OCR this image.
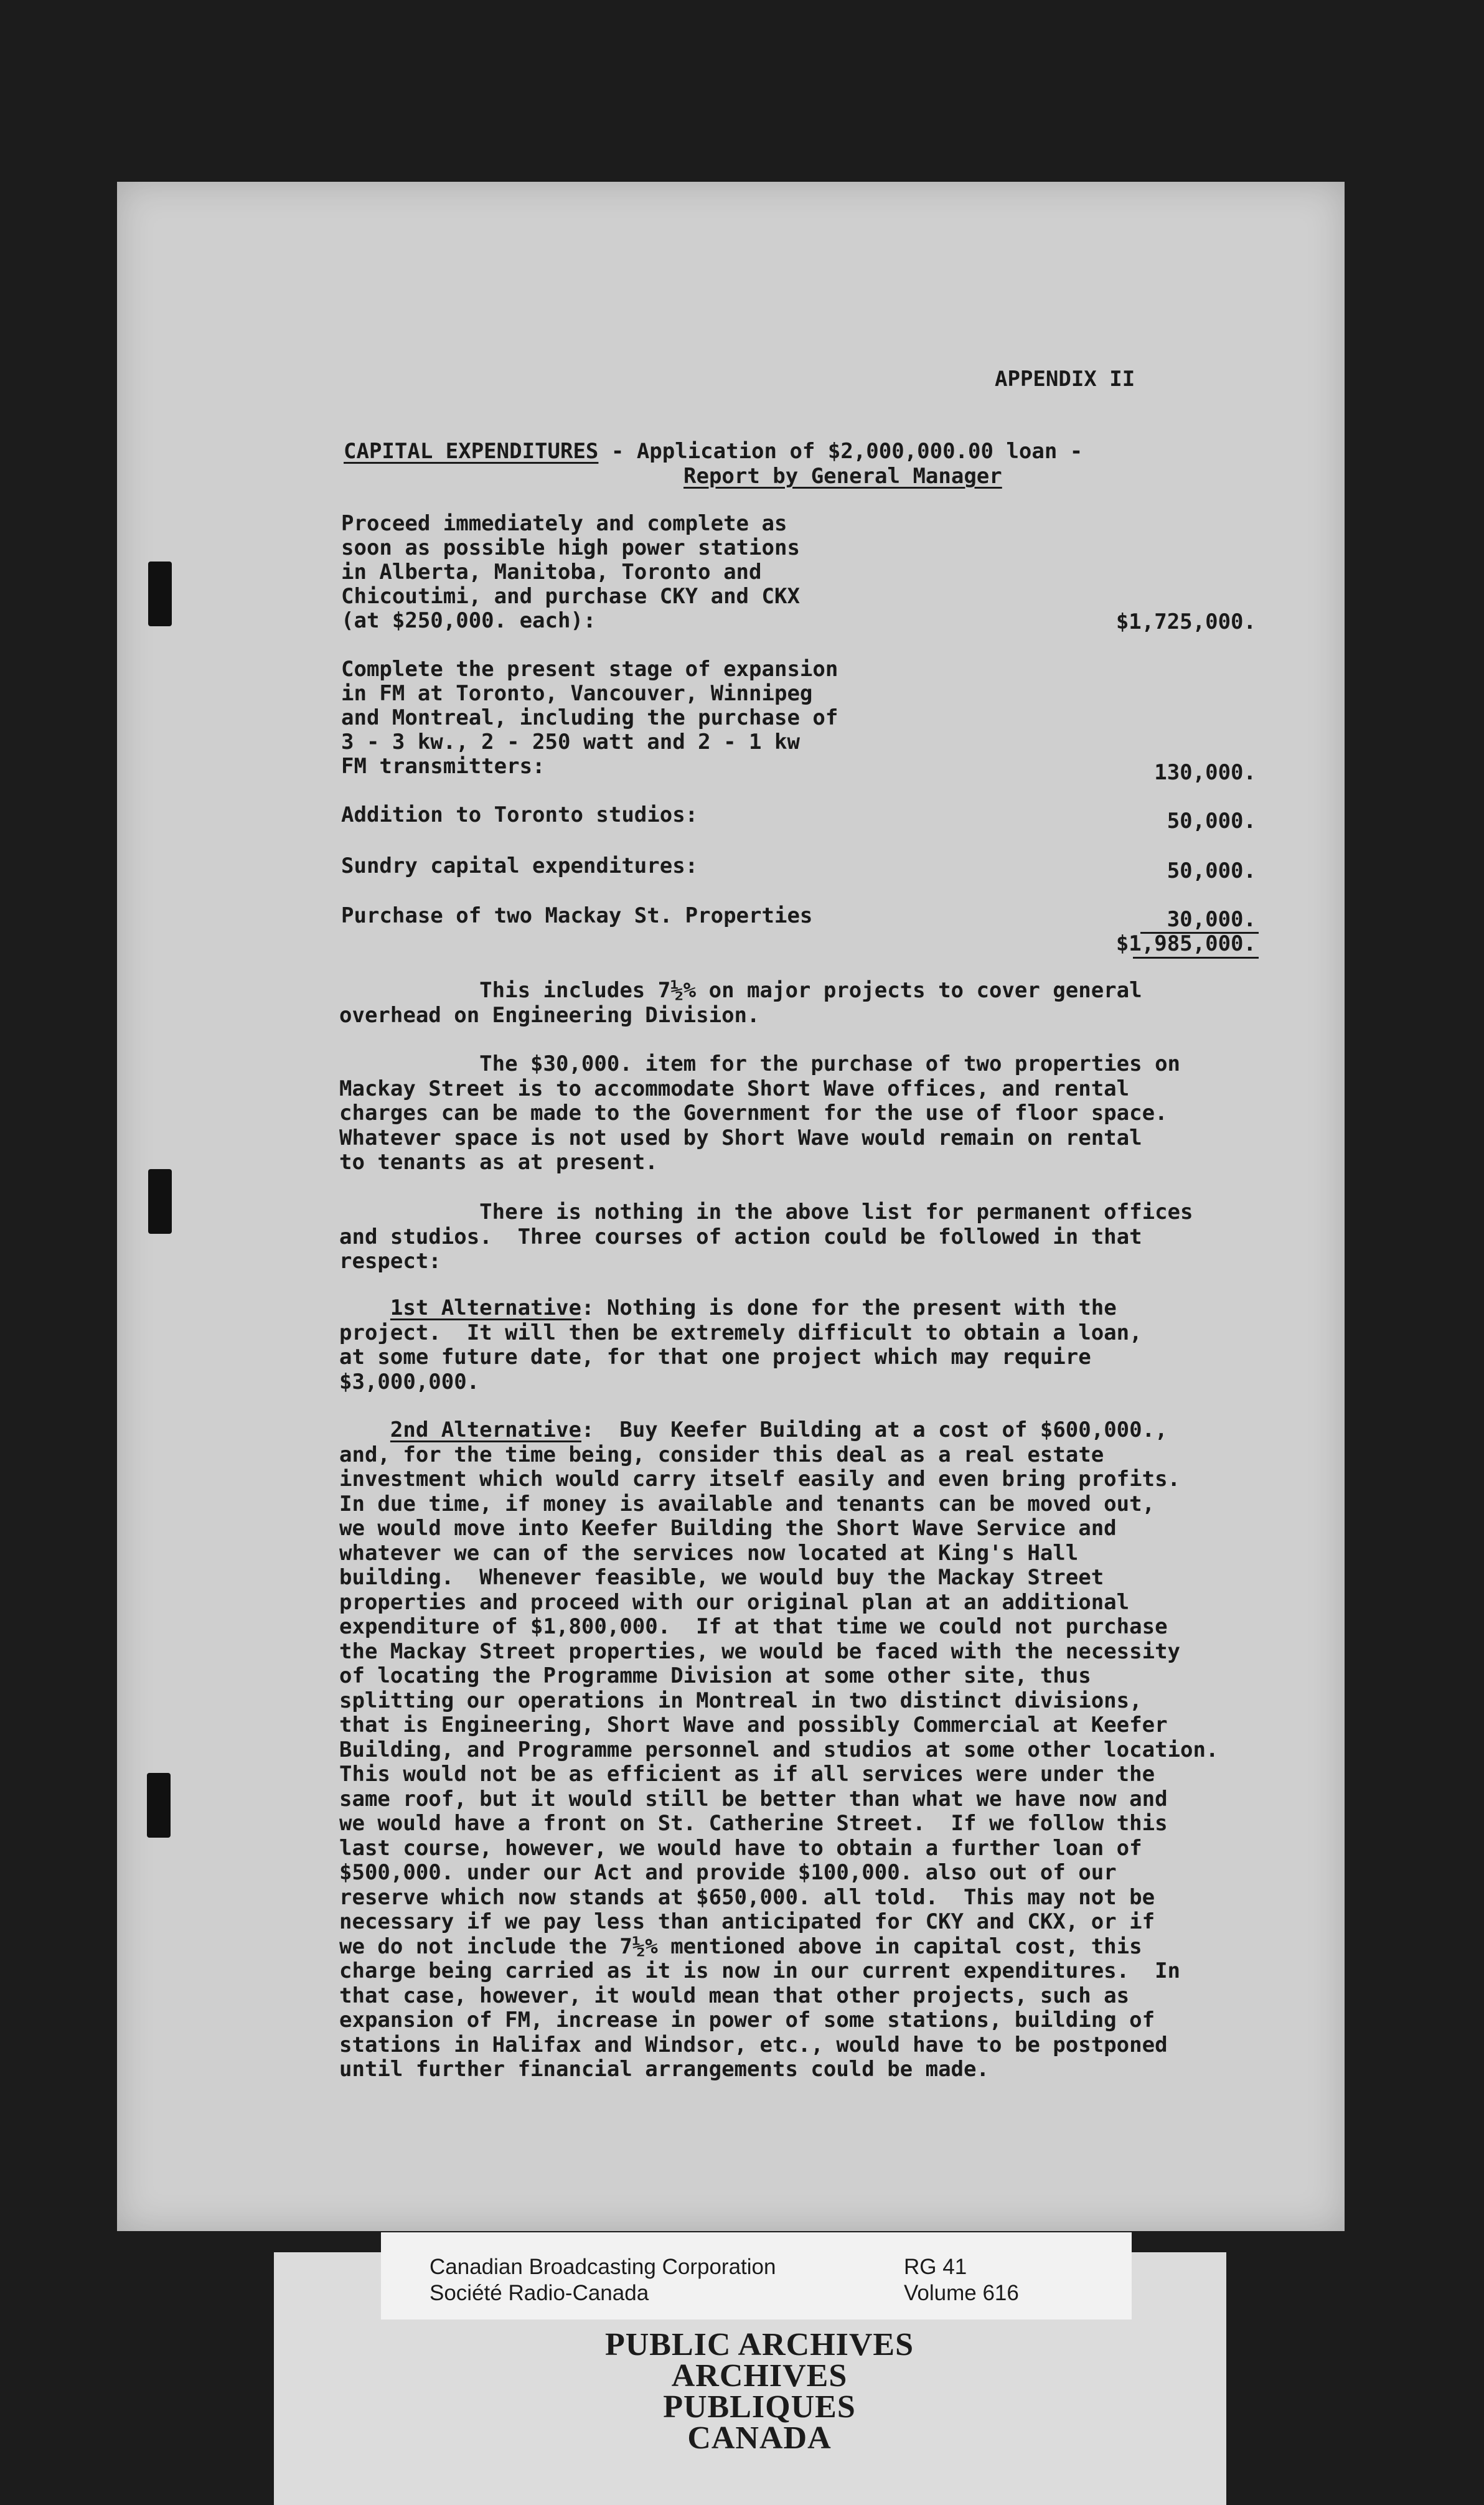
APPENDIX II
CAPITAL EXPENDITURES - Application of $2,000,000.00 loan -
Report by General Manager
Proceed immediately and complete as
soon as possible high power stations
in Alberta, Manitoba, Toronto and
Chicoutimi, and purchase CKY and CKX
(at $250,000. each):	$1,725,000.
Complete the present stage of expansion
in FM at Toronto, Vancouver, Winnipeg
and Montreal, including the purchase of
3 - 3 kw., 2 - 250 watt and 2 - 1 kw
FM transmitters:	130,000.
Addition to Toronto studios:	50,000.
Sundry capital expenditures:	50,000.
Purchase of two Mackay St. Properties	30,000.
$1,985,000.
This includes 7½% on major projects to cover general
overhead on Engineering Division.
The $30,000. item for the purchase of two properties on
Mackay Street is to accommodate Short Wave offices, and rental
charges can be made to the Government for the use of floor space.
Whatever space is not used by Short Wave would remain on rental
to tenants as at present.
There is nothing in the above list for permanent offices
and studios.  Three courses of action could be followed in that
respect:
1st Alternative: Nothing is done for the present with the
project.  It will then be extremely difficult to obtain a loan,
at some future date, for that one project which may require
$3,000,000.
2nd Alternative:  Buy Keefer Building at a cost of $600,000.,
and, for the time being, consider this deal as a real estate
investment which would carry itself easily and even bring profits.
In due time, if money is available and tenants can be moved out,
we would move into Keefer Building the Short Wave Service and
whatever we can of the services now located at King's Hall
building.  Whenever feasible, we would buy the Mackay Street
properties and proceed with our original plan at an additional
expenditure of $1,800,000.  If at that time we could not purchase
the Mackay Street properties, we would be faced with the necessity
of locating the Programme Division at some other site, thus
splitting our operations in Montreal in two distinct divisions,
that is Engineering, Short Wave and possibly Commercial at Keefer
Building, and Programme personnel and studios at some other location.
This would not be as efficient as if all services were under the
same roof, but it would still be better than what we have now and
we would have a front on St. Catherine Street.  If we follow this
last course, however, we would have to obtain a further loan of
$500,000. under our Act and provide $100,000. also out of our
reserve which now stands at $650,000. all told.  This may not be
necessary if we pay less than anticipated for CKY and CKX, or if
we do not include the 7½% mentioned above in capital cost, this
charge being carried as it is now in our current expenditures.  In
that case, however, it would mean that other projects, such as
expansion of FM, increase in power of some stations, building of
stations in Halifax and Windsor, etc., would have to be postponed
until further financial arrangements could be made.
Canadian Broadcasting Corporation
Société Radio-Canada
RG 41
Volume 616
PUBLIC ARCHIVES
ARCHIVES PUBLIQUES
CANADA
